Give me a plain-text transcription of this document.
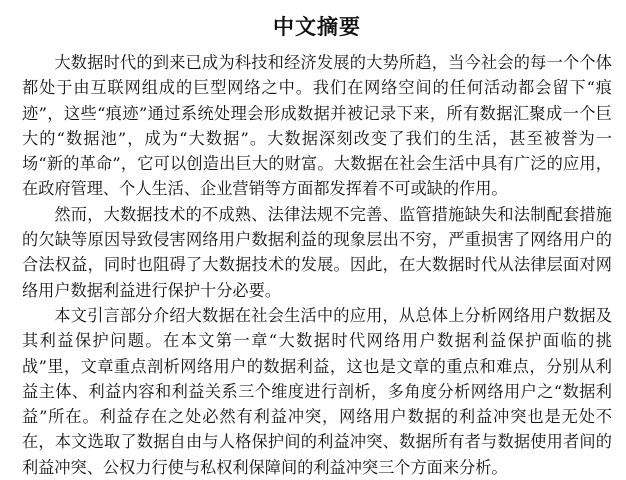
中文摘要

大数据时代的到来已成为科技和经济发展的大势所趋，当今社会的每一个个体都处于由互联网组成的巨型网络之中。我们在网络空间的任何活动都会留下“痕迹”，这些“痕迹”通过系统处理会形成数据并被记录下来，所有数据汇聚成一个巨大的“数据池”，成为“大数据”。大数据深刻改变了我们的生活，甚至被誉为一场“新的革命”，它可以创造出巨大的财富。大数据在社会生活中具有广泛的应用，在政府管理、个人生活、企业营销等方面都发挥着不可或缺的作用。

然而，大数据技术的不成熟、法律法规不完善、监管措施缺失和法制配套措施的欠缺等原因导致侵害网络用户数据利益的现象层出不穷，严重损害了网络用户的合法权益，同时也阻碍了大数据技术的发展。因此，在大数据时代从法律层面对网络用户数据利益进行保护十分必要。

本文引言部分介绍大数据在社会生活中的应用，从总体上分析网络用户数据及其利益保护问题。在本文第一章“大数据时代网络用户数据利益保护面临的挑战”里，文章重点剖析网络用户的数据利益，这也是文章的重点和难点，分别从利益主体、利益内容和利益关系三个维度进行剖析，多角度分析网络用户之“数据利益”所在。利益存在之处必然有利益冲突，网络用户数据的利益冲突也是无处不在，本文选取了数据自由与人格保护间的利益冲突、数据所有者与数据使用者间的利益冲突、公权力行使与私权利保障间的利益冲突三个方面来分析。
